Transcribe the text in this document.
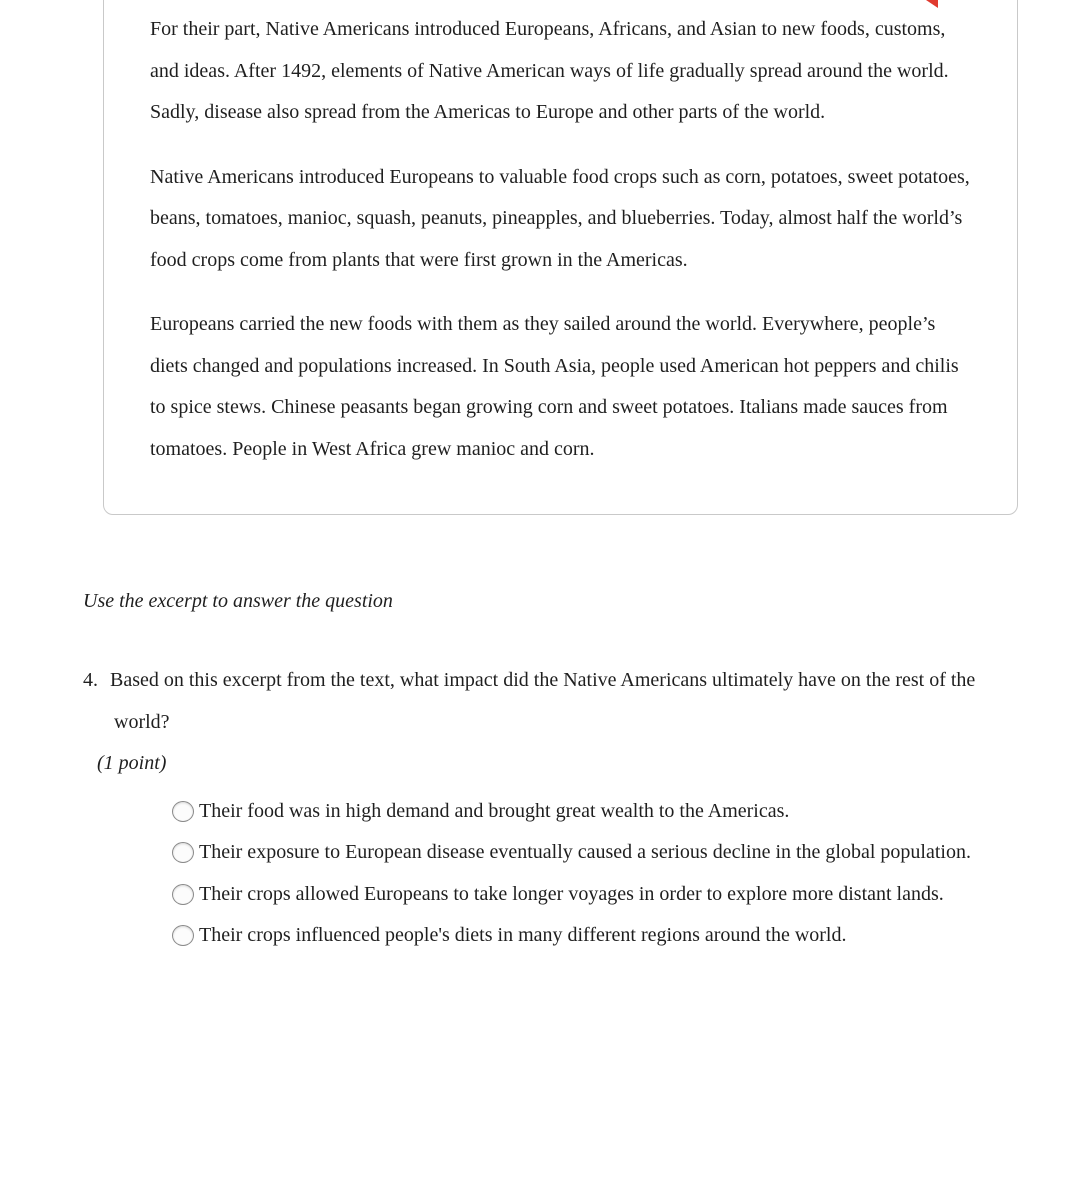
For their part, Native Americans introduced Europeans, Africans, and Asian to new foods, customs, and ideas. After 1492, elements of Native American ways of life gradually spread around the world. Sadly, disease also spread from the Americas to Europe and other parts of the world.

Native Americans introduced Europeans to valuable food crops such as corn, potatoes, sweet potatoes, beans, tomatoes, manioc, squash, peanuts, pineapples, and blueberries. Today, almost half the world’s food crops come from plants that were first grown in the Americas.

Europeans carried the new foods with them as they sailed around the world. Everywhere, people’s diets changed and populations increased. In South Asia, people used American hot peppers and chilis to spice stews. Chinese peasants began growing corn and sweet potatoes. Italians made sauces from tomatoes. People in West Africa grew manioc and corn.

Use the excerpt to answer the question

4. Based on this excerpt from the text, what impact did the Native Americans ultimately have on the rest of the world?
(1 point)
Their food was in high demand and brought great wealth to the Americas.
Their exposure to European disease eventually caused a serious decline in the global population.
Their crops allowed Europeans to take longer voyages in order to explore more distant lands.
Their crops influenced people's diets in many different regions around the world.
